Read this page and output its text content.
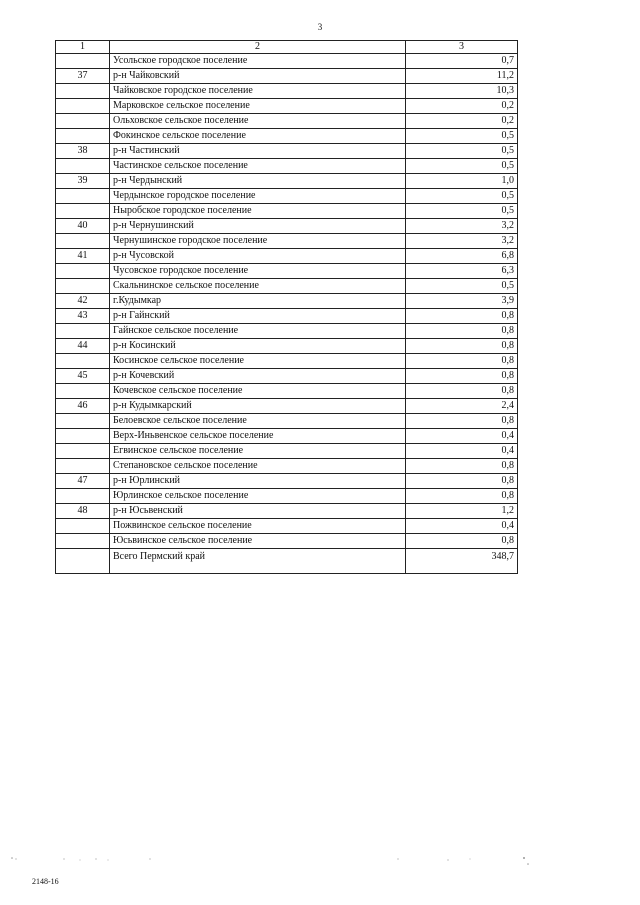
3
1	2	3
	Усольское городское поселение	0,7
37	р-н Чайковский	11,2
	Чайковское городское поселение	10,3
	Марковское сельское поселение	0,2
	Ольховское сельское поселение	0,2
	Фокинское сельское поселение	0,5
38	р-н Частинский	0,5
	Частинское сельское поселение	0,5
39	р-н Чердынский	1,0
	Чердынское городское поселение	0,5
	Ныробское городское поселение	0,5
40	р-н Чернушинский	3,2
	Чернушинское городское поселение	3,2
41	р-н Чусовской	6,8
	Чусовское городское поселение	6,3
	Скальнинское сельское поселение	0,5
42	г.Кудымкар	3,9
43	р-н Гайнский	0,8
	Гайнское сельское поселение	0,8
44	р-н Косинский	0,8
	Косинское сельское поселение	0,8
45	р-н Кочевский	0,8
	Кочевское сельское поселение	0,8
46	р-н Кудымкарский	2,4
	Белоевское сельское поселение	0,8
	Верх-Иньвенское сельское поселение	0,4
	Егвинское сельское поселение	0,4
	Степановское сельское поселение	0,8
47	р-н Юрлинский	0,8
	Юрлинское сельское поселение	0,8
48	р-н Юсьвенский	1,2
	Пожвинское сельское поселение	0,4
	Юсьвинское сельское поселение	0,8
	Всего Пермский край	348,7
2148-16
